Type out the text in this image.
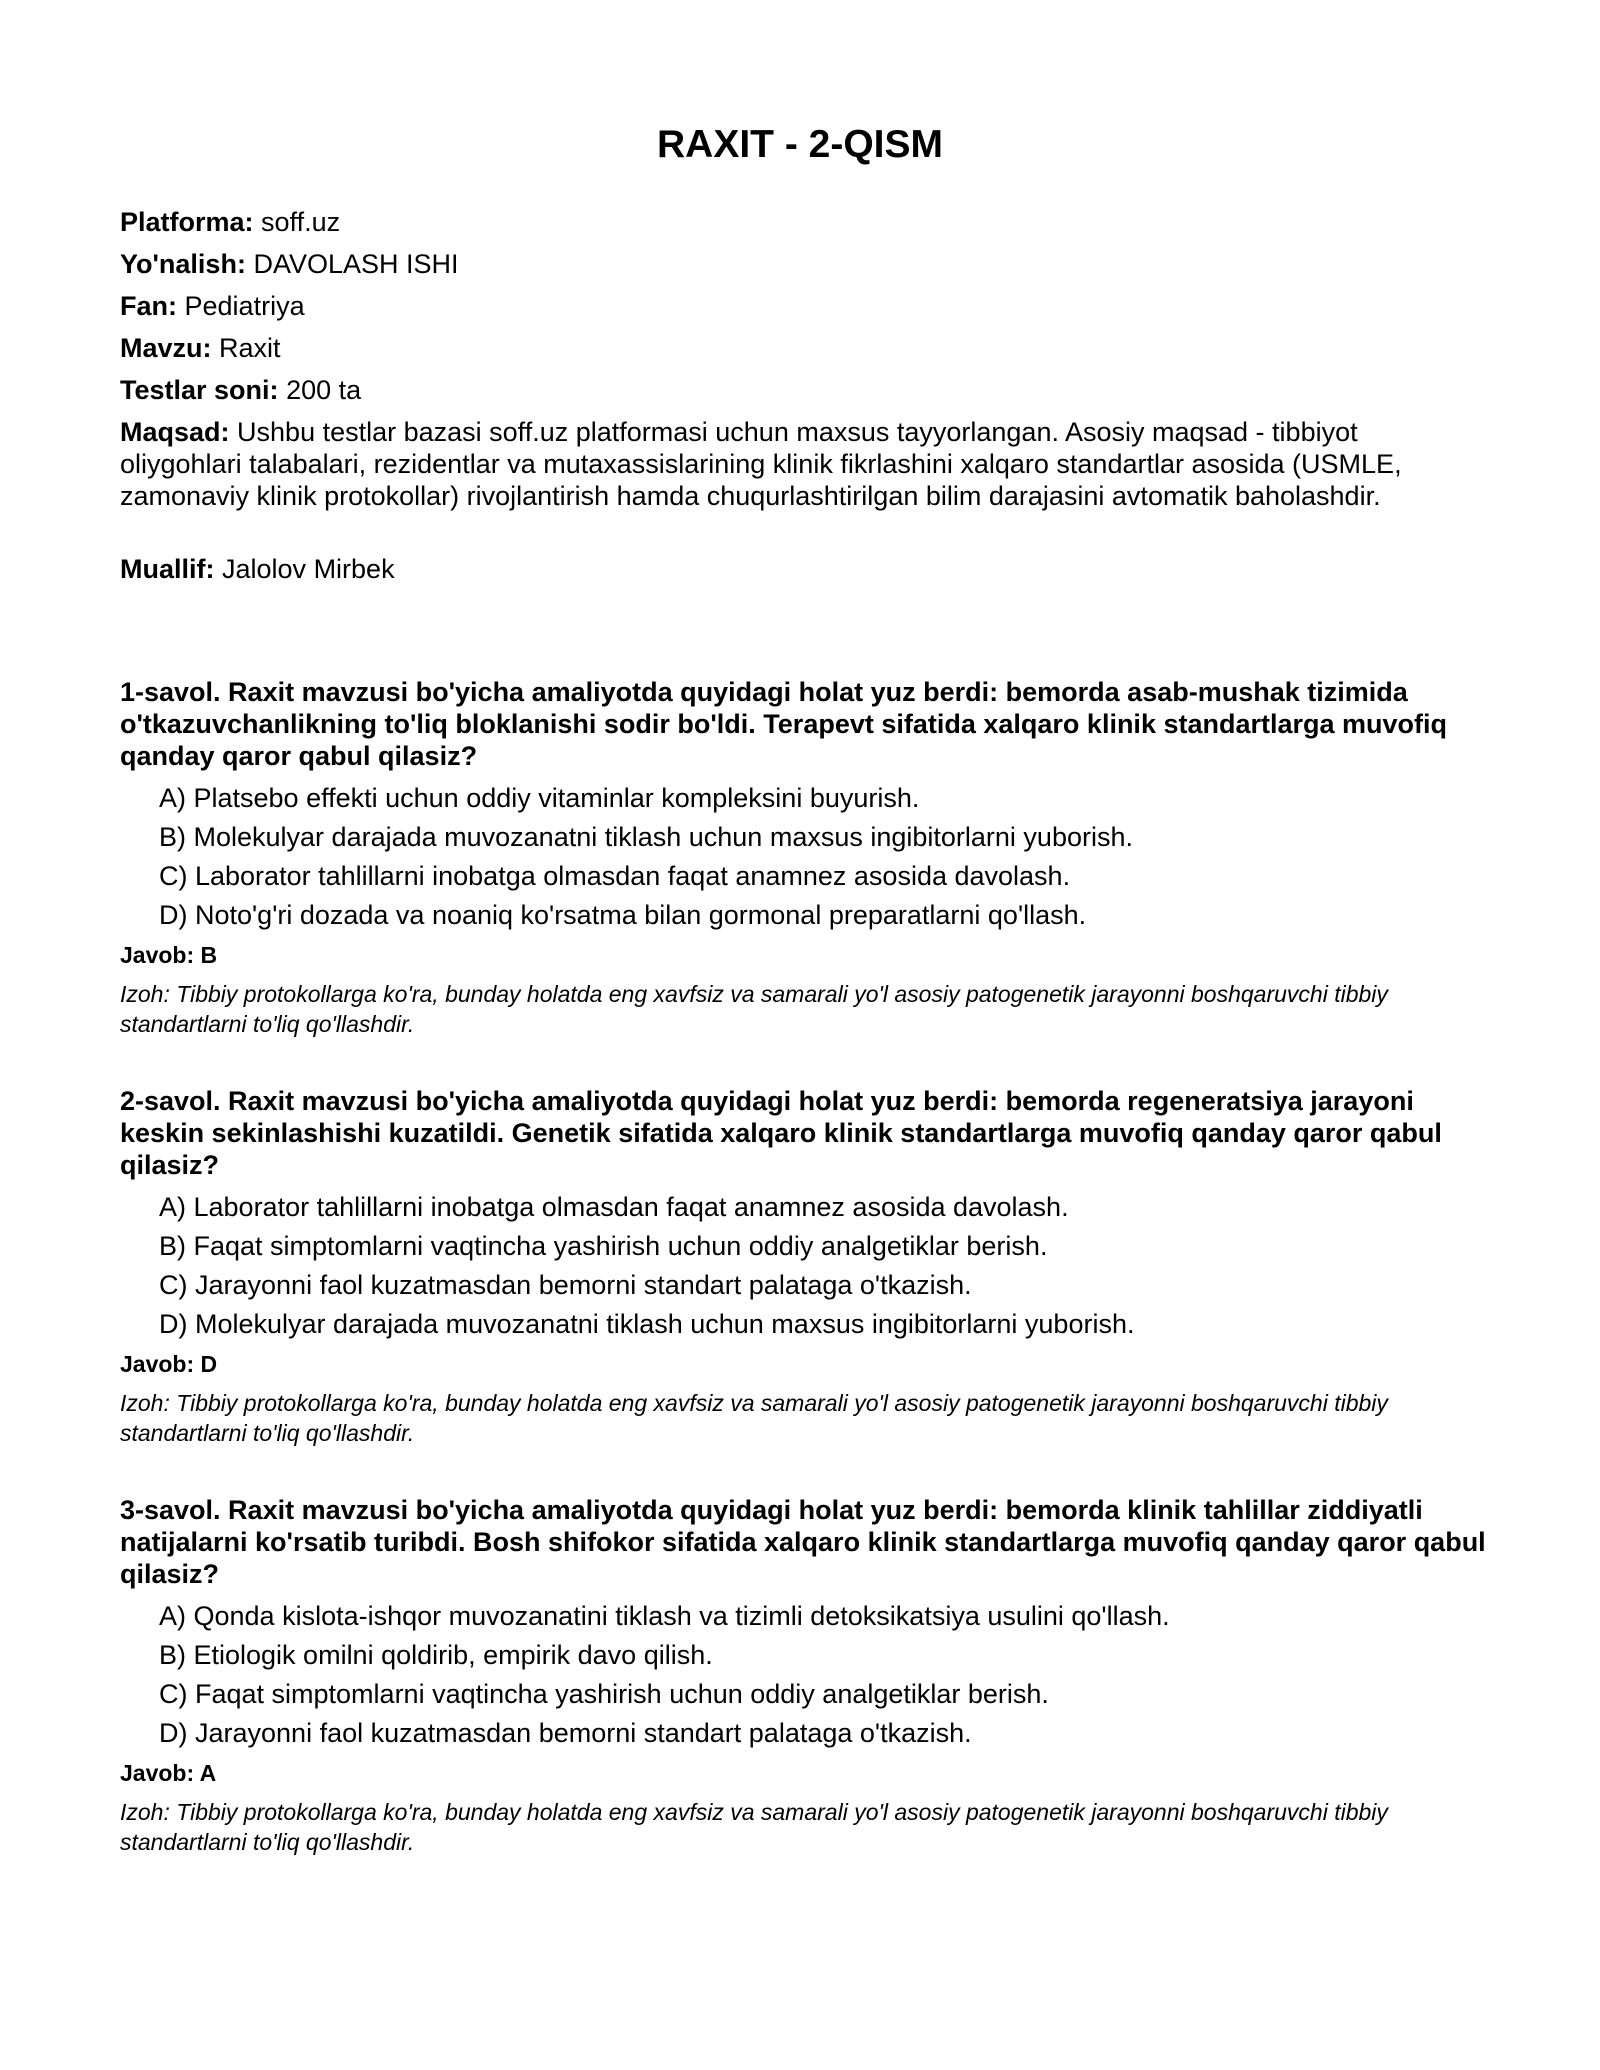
RAXIT - 2-QISM

Platforma: soff.uz

Yo'nalish: DAVOLASH ISHI

Fan: Pediatriya

Mavzu: Raxit

Testlar soni: 200 ta

Maqsad: Ushbu testlar bazasi soff.uz platformasi uchun maxsus tayyorlangan. Asosiy maqsad - tibbiyot oliygohlari talabalari, rezidentlar va mutaxassislarining klinik fikrlashini xalqaro standartlar asosida (USMLE, zamonaviy klinik protokollar) rivojlantirish hamda chuqurlashtirilgan bilim darajasini avtomatik baholashdir.

Muallif: Jalolov Mirbek

1-savol. Raxit mavzusi bo'yicha amaliyotda quyidagi holat yuz berdi: bemorda asab-mushak tizimida o'tkazuvchanlikning to'liq bloklanishi sodir bo'ldi. Terapevt sifatida xalqaro klinik standartlarga muvofiq qanday qaror qabul qilasiz?

A) Platsebo effekti uchun oddiy vitaminlar kompleksini buyurish.
B) Molekulyar darajada muvozanatni tiklash uchun maxsus ingibitorlarni yuborish.
C) Laborator tahlillarni inobatga olmasdan faqat anamnez asosida davolash.
D) Noto'g'ri dozada va noaniq ko'rsatma bilan gormonal preparatlarni qo'llash.

Javob: B

Izoh: Tibbiy protokollarga ko'ra, bunday holatda eng xavfsiz va samarali yo'l asosiy patogenetik jarayonni boshqaruvchi tibbiy standartlarni to'liq qo'llashdir.

2-savol. Raxit mavzusi bo'yicha amaliyotda quyidagi holat yuz berdi: bemorda regeneratsiya jarayoni keskin sekinlashishi kuzatildi. Genetik sifatida xalqaro klinik standartlarga muvofiq qanday qaror qabul qilasiz?

A) Laborator tahlillarni inobatga olmasdan faqat anamnez asosida davolash.
B) Faqat simptomlarni vaqtincha yashirish uchun oddiy analgetiklar berish.
C) Jarayonni faol kuzatmasdan bemorni standart palataga o'tkazish.
D) Molekulyar darajada muvozanatni tiklash uchun maxsus ingibitorlarni yuborish.

Javob: D

Izoh: Tibbiy protokollarga ko'ra, bunday holatda eng xavfsiz va samarali yo'l asosiy patogenetik jarayonni boshqaruvchi tibbiy standartlarni to'liq qo'llashdir.

3-savol. Raxit mavzusi bo'yicha amaliyotda quyidagi holat yuz berdi: bemorda klinik tahlillar ziddiyatli natijalarni ko'rsatib turibdi. Bosh shifokor sifatida xalqaro klinik standartlarga muvofiq qanday qaror qabul qilasiz?

A) Qonda kislota-ishqor muvozanatini tiklash va tizimli detoksikatsiya usulini qo'llash.
B) Etiologik omilni qoldirib, empirik davo qilish.
C) Faqat simptomlarni vaqtincha yashirish uchun oddiy analgetiklar berish.
D) Jarayonni faol kuzatmasdan bemorni standart palataga o'tkazish.

Javob: A

Izoh: Tibbiy protokollarga ko'ra, bunday holatda eng xavfsiz va samarali yo'l asosiy patogenetik jarayonni boshqaruvchi tibbiy standartlarni to'liq qo'llashdir.
